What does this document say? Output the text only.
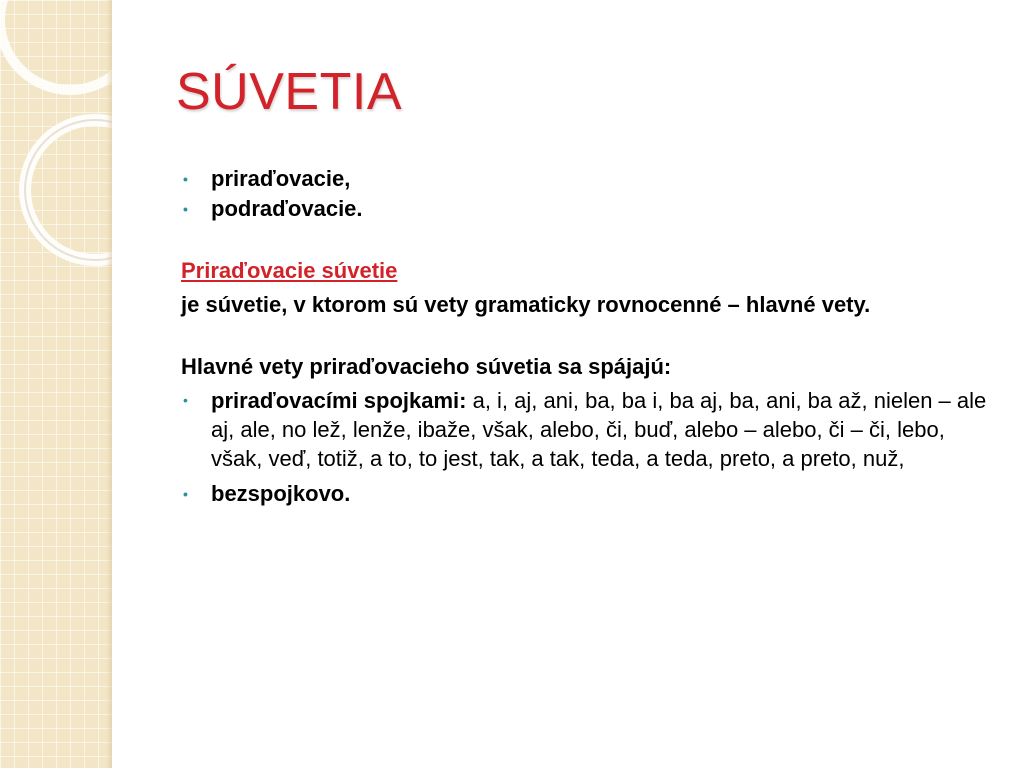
SÚVETIA

• priraďovacie,

• podraďovacie.

Priraďovacie súvetie

je súvetie, v ktorom sú vety gramaticky rovnocenné – hlavné vety.

Hlavné vety priraďovacieho súvetia sa spájajú:

• priraďovacími spojkami: a, i, aj, ani, ba, ba i, ba aj, ba, ani, ba až, nielen – ale aj, ale, no lež, lenže, ibaže, však, alebo, či, buď, alebo – alebo, či – či, lebo, však, veď, totiž, a to, to jest, tak, a tak, teda, a teda, preto, a preto, nuž,

• bezspojkovo.
